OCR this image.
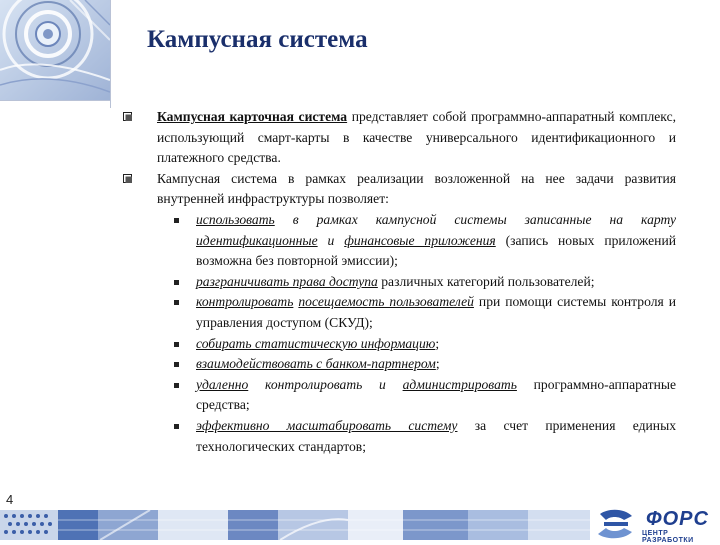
Кампусная система
Кампусная карточная система представляет собой программно-аппаратный комплекс, использующий смарт-карты в качестве универсального идентификационного и платежного средства.
Кампусная система в рамках реализации возложенной на нее задачи развития внутренней инфраструктуры позволяет:
использовать в рамках кампусной системы записанные на карту идентификационные и финансовые приложения (запись новых приложений возможна без повторной эмиссии);
разграничивать права доступа различных категорий пользователей;
контролировать посещаемость пользователей при помощи системы контроля и управления доступом (СКУД);
собирать статистическую информацию;
взаимодействовать с банком-партнером;
удаленно контролировать и администрировать программно-аппаратные средства;
эффективно масштабировать систему за счет применения единых технологических стандартов;
4
ФОРС
ЦЕНТР РАЗРАБОТКИ
